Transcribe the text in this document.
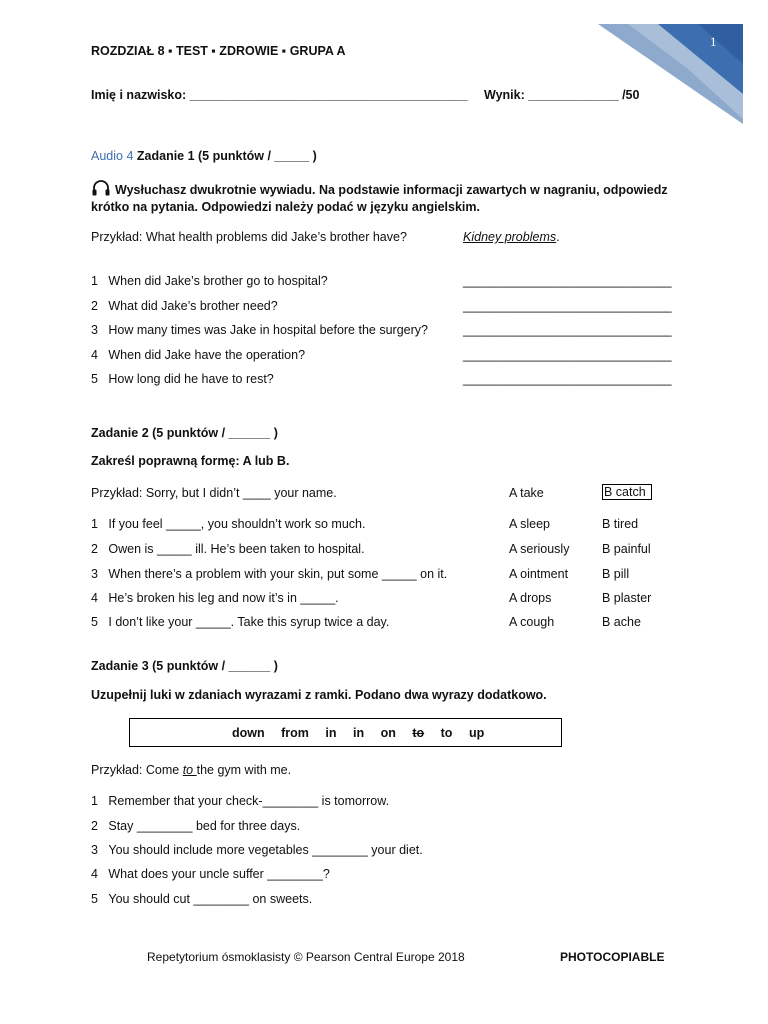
1
ROZDZIAŁ 8 ▪ TEST ▪ ZDROWIE ▪ GRUPA A
Imię i nazwisko: ________________________________________ Wynik: _____________ /50
Audio 4 Zadanie 1 (5 punktów / _____ )
Wysłuchasz dwukrotnie wywiadu. Na podstawie informacji zawartych w nagraniu, odpowiedz
krótko na pytania. Odpowiedzi należy podać w języku angielskim.
Przykład: What health problems did Jake’s brother have?	Kidney problems.
1 When did Jake’s brother go to hospital?	______________________________
2 What did Jake’s brother need?	______________________________
3 How many times was Jake in hospital before the surgery?	______________________________
4 When did Jake have the operation?	______________________________
5 How long did he have to rest?	______________________________
Zadanie 2 (5 punktów / ______ )
Zakreśl poprawną formę: A lub B.
Przykład: Sorry, but I didn’t ____ your name.	A take	B catch
1 If you feel _____, you shouldn’t work so much.	A sleep	B tired
2 Owen is _____ ill. He’s been taken to hospital.	A seriously	B painful
3 When there’s a problem with your skin, put some _____ on it.	A ointment	B pill
4 He’s broken his leg and now it’s in _____.	A drops	B plaster
5 I don’t like your _____. Take this syrup twice a day.	A cough	B ache
Zadanie 3 (5 punktów / ______ )
Uzupełnij luki w zdaniach wyrazami z ramki. Podano dwa wyrazy dodatkowo.
down from in in on to to up
Przykład: Come to the gym with me.
1 Remember that your check-________ is tomorrow.
2 Stay ________ bed for three days.
3 You should include more vegetables ________ your diet.
4 What does your uncle suffer ________?
5 You should cut ________ on sweets.
Repetytorium ósmoklasisty © Pearson Central Europe 2018	PHOTOCOPIABLE
